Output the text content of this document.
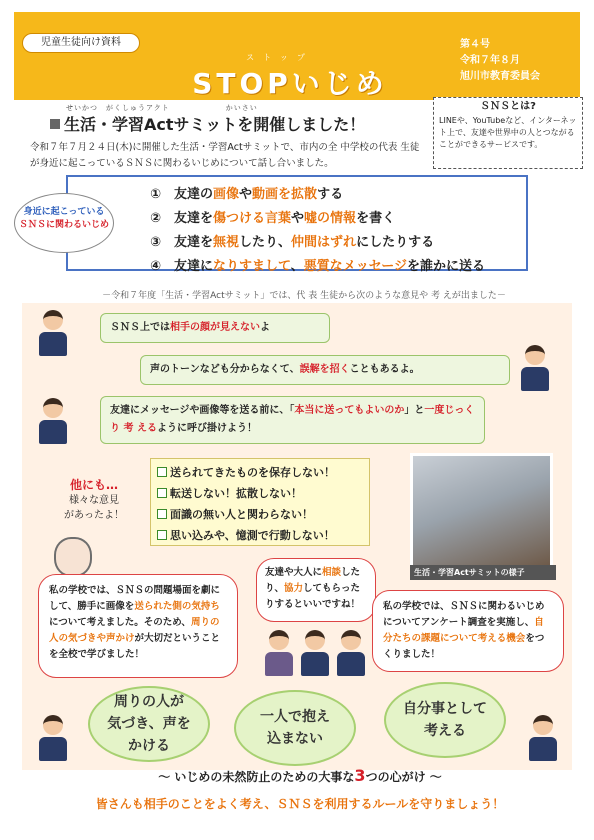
児童生徒向け資料
ストップ
STOPいじめ
第４号
令和７年８月
旭川市教育委員会
せいかつ　がくしゅうアクト　　　　　　　かいさい
生活・学習Actサミットを開催しました！
令和７年７月２４日(木)に開催した生活・学習Actサミットで、市内の全 中学校の代表 生徒が身近に起こっているＳＮＳに関わるいじめについて話し合いました。
ＳＮＳとは?
LINEや、YouTubeなど、インターネット上で、友達や世界中の人とつながることができるサービスです。
身近に起こっている
ＳＮＳに関わるいじめ
① 友達の画像や動画を拡散する
② 友達を傷つける言葉や嘘の情報を書く
③ 友達を無視したり、仲間はずれにしたりする
④ 友達になりすまして、悪質なメッセージを誰かに送る
－令和７年度「生活・学習Actサミット」では、代 表 生徒から次のような意見や 考 えが出ました－
ＳＮＳ上では相手の顔が見えないよ
声のトーンなども分からなくて、誤解を招くこともあるよ。
友達にメッセージや画像等を送る前に、「本当に送ってもよいのか」と一度じっくり 考 えるように呼び掛けよう！
送られてきたものを保存しない！
転送しない！拡散しない！
面識の無い人と関わらない！
思い込みや、憶測で行動しない！
他にも…
様々な意見
があったよ！
生活・学習Actサミットの様子
私の学校では、ＳＮＳの問題場面を劇にして、勝手に画像を送られた側の気持ちについて考えました。そのため、周りの人の気づきや声かけが大切だということを全校で学びました！
友達や大人に相談したり、協力してもらったりするといいですね！	私の学校では、ＳＮＳに関わるいじめについてアンケート調査を実施し、自分たちの課題について考える機会をつくりました！
周りの人が
気づき、声を
かける
一人で抱え
込まない
自分事として
考える
～ いじめの未然防止のための大事な3つの心がけ ～
皆さんも相手のことをよく考え、ＳＮＳを利用するルールを守りましょう！
